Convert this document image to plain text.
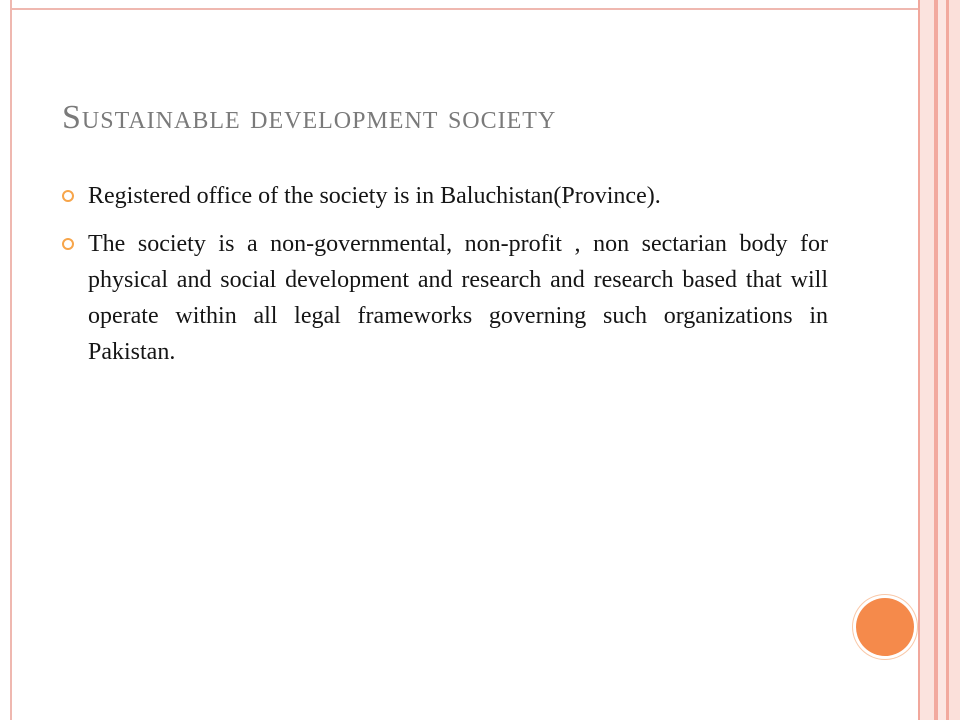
Sustainable development society
Registered office of the society is in Baluchistan(Province).
The society is a non-governmental, non-profit , non sectarian body for physical and social development and research and research based that will operate within all legal frameworks governing such organizations in Pakistan.
